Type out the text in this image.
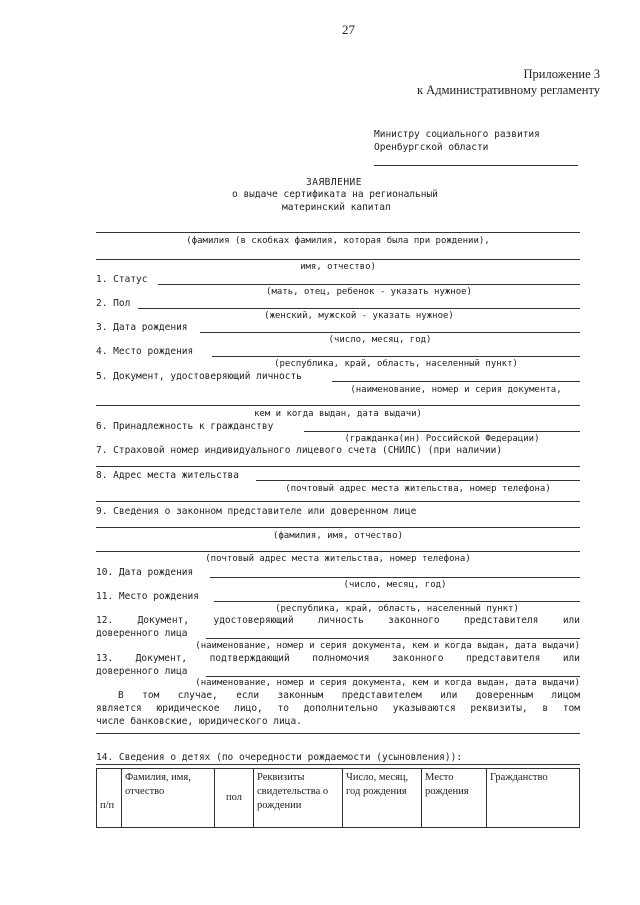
27
Приложение 3
к Административному регламенту
Министру социального развития
Оренбургской области
ЗАЯВЛЕНИЕ
о выдаче сертификата на региональный
материнский капитал
(фамилия (в скобках фамилия, которая была при рождении),
имя, отчество)
1. Статус
(мать, отец, ребенок - указать нужное)
2. Пол
(женский, мужской - указать нужное)
3. Дата рождения
(число, месяц, год)
4. Место рождения
(республика, край, область, населенный пункт)
5. Документ, удостоверяющий личность
(наименование, номер и серия документа,
кем и когда выдан, дата выдачи)
6. Принадлежность к гражданству
(гражданка(ин) Российской Федерации)
7. Страховой номер индивидуального лицевого счета (СНИЛС) (при наличии)
8. Адрес места жительства
(почтовый адрес места жительства, номер телефона)
9. Сведения о законном представителе или доверенном лице
(фамилия, имя, отчество)
(почтовый адрес места жительства, номер телефона)
10. Дата рождения
(число, месяц, год)
11. Место рождения
(республика, край, область, населенный пункт)
12. Документ, удостоверяющий личность законного представителя или
доверенного лица
(наименование, номер и серия документа, кем и когда выдан, дата выдачи)
13. Документ, подтверждающий полномочия законного представителя или
доверенного лица
(наименование, номер и серия документа, кем и когда выдан, дата выдачи)
В том случае, если законным представителем или доверенным лицом
является юридическое лицо, то дополнительно указываются реквизиты, в том
числе банковские, юридического лица.
14. Сведения о детях (по очередности рождаемости (усыновления)):
п/п	Фамилия, имя, отчество	пол	Реквизиты свидетельства о рождении	Число, месяц, год рождения	Место рождения	Гражданство
